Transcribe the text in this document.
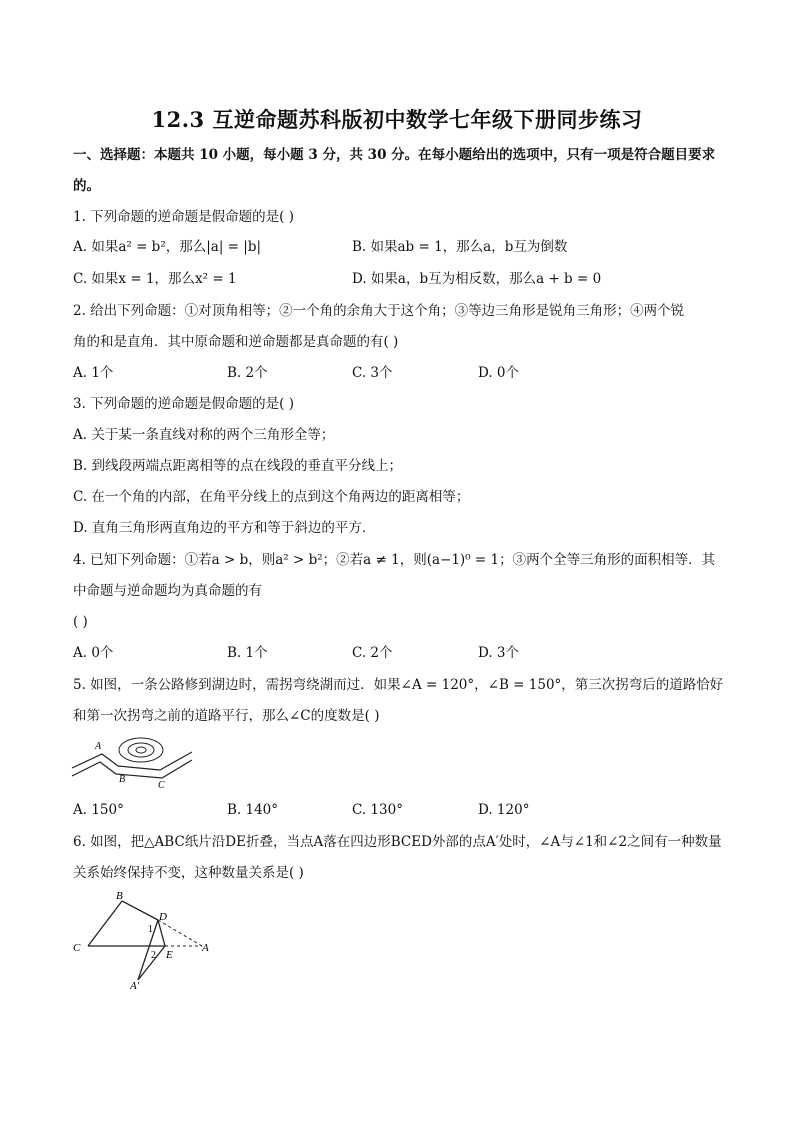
12.3 互逆命题苏科版初中数学七年级下册同步练习
一、选择题：本题共 10 小题，每小题 3 分，共 30 分。在每小题给出的选项中，只有一项是符合题目要求
的。
1. 下列命题的逆命题是假命题的是( )
A. 如果a² = b²，那么|a| = |b|	B. 如果ab = 1，那么a，b互为倒数
C. 如果x = 1，那么x² = 1	D. 如果a，b互为相反数，那么a + b = 0
2. 给出下列命题：①对顶角相等；②一个角的余角大于这个角；③等边三角形是锐角三角形；④两个锐
角的和是直角．其中原命题和逆命题都是真命题的有( )
A. 1个	B. 2个	C. 3个	D. 0个
3. 下列命题的逆命题是假命题的是( )
A. 关于某一条直线对称的两个三角形全等；
B. 到线段两端点距离相等的点在线段的垂直平分线上；
C. 在一个角的内部，在角平分线上的点到这个角两边的距离相等；
D. 直角三角形两直角边的平方和等于斜边的平方．
4. 已知下列命题：①若a > b，则a² > b²；②若a ≠ 1，则(a−1)⁰ = 1；③两个全等三角形的面积相等．其
中命题与逆命题均为真命题的有
( )
A. 0个	B. 1个	C. 2个	D. 3个
5. 如图，一条公路修到湖边时，需拐弯绕湖而过．如果∠A = 120°，∠B = 150°，第三次拐弯后的道路恰好
和第一次拐弯之前的道路平行，那么∠C的度数是( )
A
B
C
A. 150°	B. 140°	C. 130°	D. 120°
6. 如图，把△ABC纸片沿DE折叠，当点A落在四边形BCED外部的点A′处时，∠A与∠1和∠2之间有一种数量
关系始终保持不变，这种数量关系是( )
B
C
D
E
A
A′
1
2
